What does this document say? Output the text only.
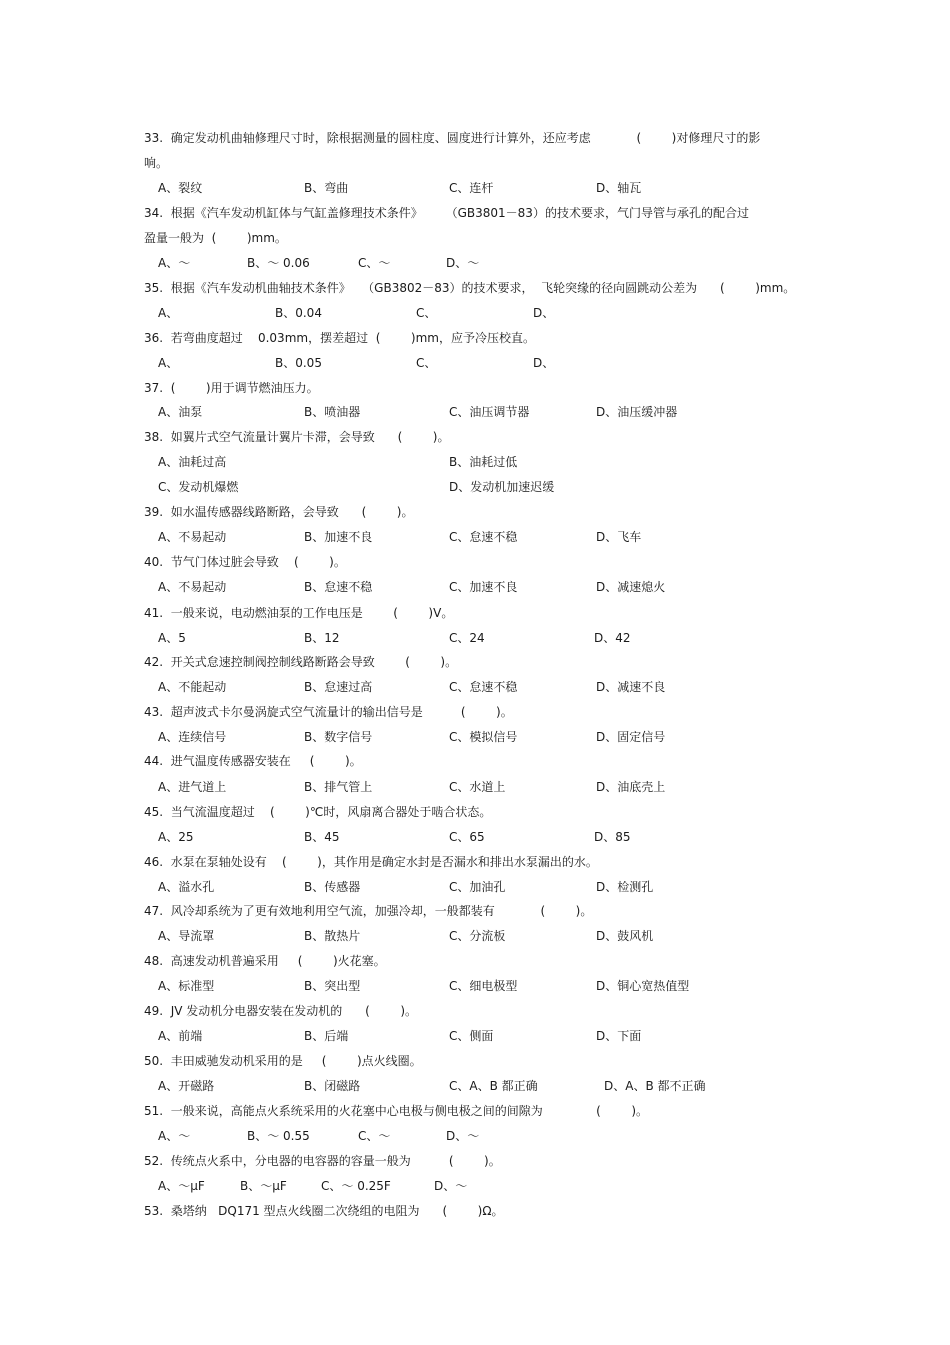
33.  确定发动机曲轴修理尺寸时，除根据测量的圆柱度、圆度进行计算外，还应考虑            (        )对修理尺寸的影
响。
A、裂纹	B、弯曲	C、连杆	D、轴瓦
34.  根据《汽车发动机缸体与气缸盖修理技术条件》      （GB3801－83）的技术要求，气门导管与承孔的配合过
盈量一般为  (        )mm。
A、～	B、～ 0.06	C、～	D、～
35.  根据《汽车发动机曲轴技术条件》   （GB3802－83）的技术要求，  飞轮突缘的径向圆跳动公差为      (        )mm。
A、	B、0.04	C、	D、
36.  若弯曲度超过    0.03mm，摆差超过  (        )mm，应予冷压校直。
A、	B、0.05	C、	D、
37.  (        )用于调节燃油压力。
A、油泵	B、喷油器	C、油压调节器	D、油压缓冲器
38.  如翼片式空气流量计翼片卡滞，会导致      (        )。
A、油耗过高	B、油耗过低
C、发动机爆燃	D、发动机加速迟缓
39.  如水温传感器线路断路，会导致      (        )。
A、不易起动	B、加速不良	C、怠速不稳	D、飞车
40.  节气门体过脏会导致    (        )。
A、不易起动	B、怠速不稳	C、加速不良	D、减速熄火
41.  一般来说，电动燃油泵的工作电压是        (        )V。
A、5	B、12	C、24	D、42
42.  开关式怠速控制阀控制线路断路会导致        (        )。
A、不能起动	B、怠速过高	C、怠速不稳	D、减速不良
43.  超声波式卡尔曼涡旋式空气流量计的输出信号是          (        )。
A、连续信号	B、数字信号	C、模拟信号	D、固定信号
44.  进气温度传感器安装在     (        )。
A、进气道上	B、排气管上	C、水道上	D、油底壳上
45.  当气流温度超过    (        )℃时，风扇离合器处于啮合状态。
A、25	B、45	C、65	D、85
46.  水泵在泵轴处设有    (        )，其作用是确定水封是否漏水和排出水泵漏出的水。
A、溢水孔	B、传感器	C、加油孔	D、检测孔
47.  风冷却系统为了更有效地利用空气流，加强冷却，一般都装有            (        )。
A、导流罩	B、散热片	C、分流板	D、鼓风机
48.  高速发动机普遍采用     (        )火花塞。
A、标准型	B、突出型	C、细电极型	D、铜心宽热值型
49.  JV 发动机分电器安装在发动机的      (        )。
A、前端	B、后端	C、侧面	D、下面
50.  丰田威驰发动机采用的是     (        )点火线圈。
A、开磁路	B、闭磁路	C、A、B 都正确	D、A、B 都不正确
51.  一般来说，高能点火系统采用的火花塞中心电极与侧电极之间的间隙为              (        )。
A、～	B、～ 0.55	C、～	D、～
52.  传统点火系中，分电器的电容器的容量一般为          (        )。
A、～μF	B、～μF	C、～ 0.25F	D、～
53.  桑塔纳   DQ171 型点火线圈二次绕组的电阻为      (        )Ω。
